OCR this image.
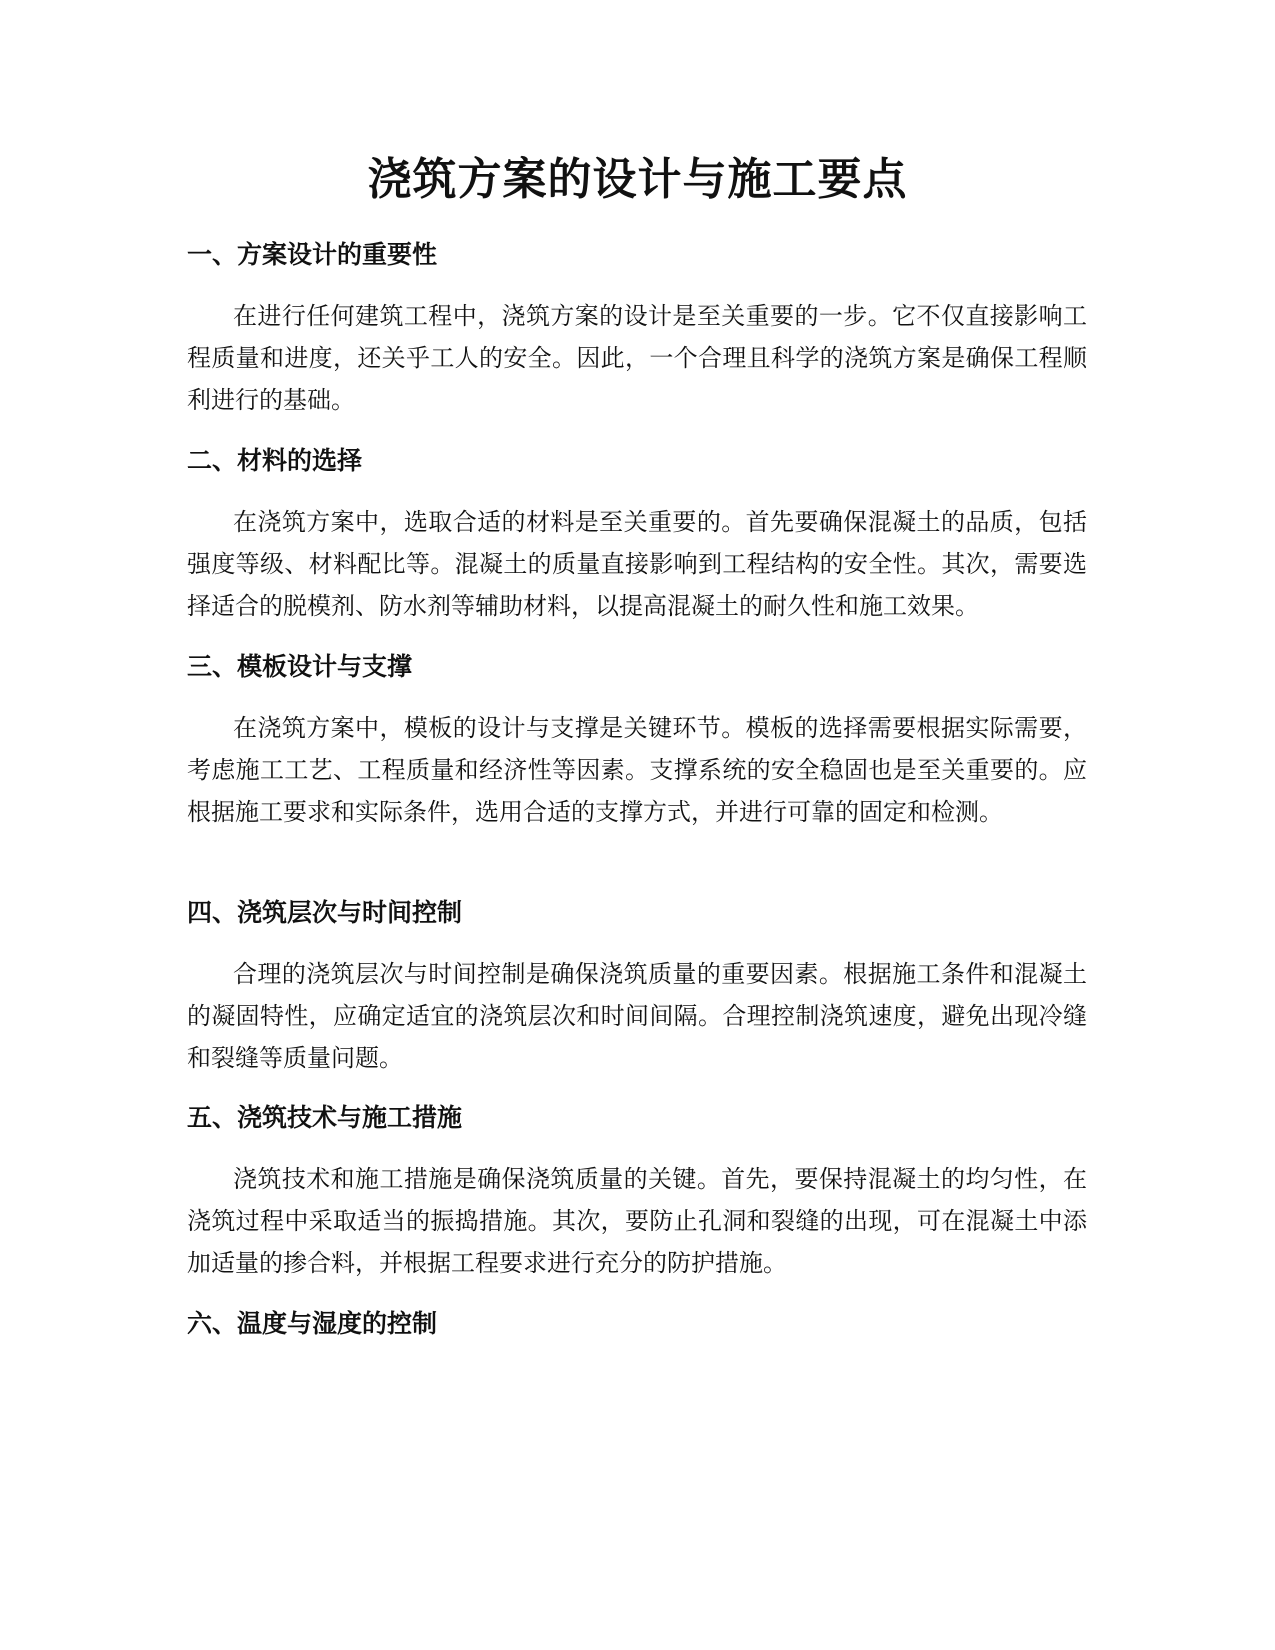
浇筑方案的设计与施工要点
一、方案设计的重要性

在进行任何建筑工程中，浇筑方案的设计是至关重要的一步。它不仅直接影响工程质量和进度，还关乎工人的安全。因此，一个合理且科学的浇筑方案是确保工程顺利进行的基础。

二、材料的选择

在浇筑方案中，选取合适的材料是至关重要的。首先要确保混凝土的品质，包括强度等级、材料配比等。混凝土的质量直接影响到工程结构的安全性。其次，需要选择适合的脱模剂、防水剂等辅助材料，以提高混凝土的耐久性和施工效果。

三、模板设计与支撑

在浇筑方案中，模板的设计与支撑是关键环节。模板的选择需要根据实际需要，考虑施工工艺、工程质量和经济性等因素。支撑系统的安全稳固也是至关重要的。应根据施工要求和实际条件，选用合适的支撑方式，并进行可靠的固定和检测。

四、浇筑层次与时间控制

合理的浇筑层次与时间控制是确保浇筑质量的重要因素。根据施工条件和混凝土的凝固特性，应确定适宜的浇筑层次和时间间隔。合理控制浇筑速度，避免出现冷缝和裂缝等质量问题。

五、浇筑技术与施工措施

浇筑技术和施工措施是确保浇筑质量的关键。首先，要保持混凝土的均匀性，在浇筑过程中采取适当的振捣措施。其次，要防止孔洞和裂缝的出现，可在混凝土中添加适量的掺合料，并根据工程要求进行充分的防护措施。

六、温度与湿度的控制
